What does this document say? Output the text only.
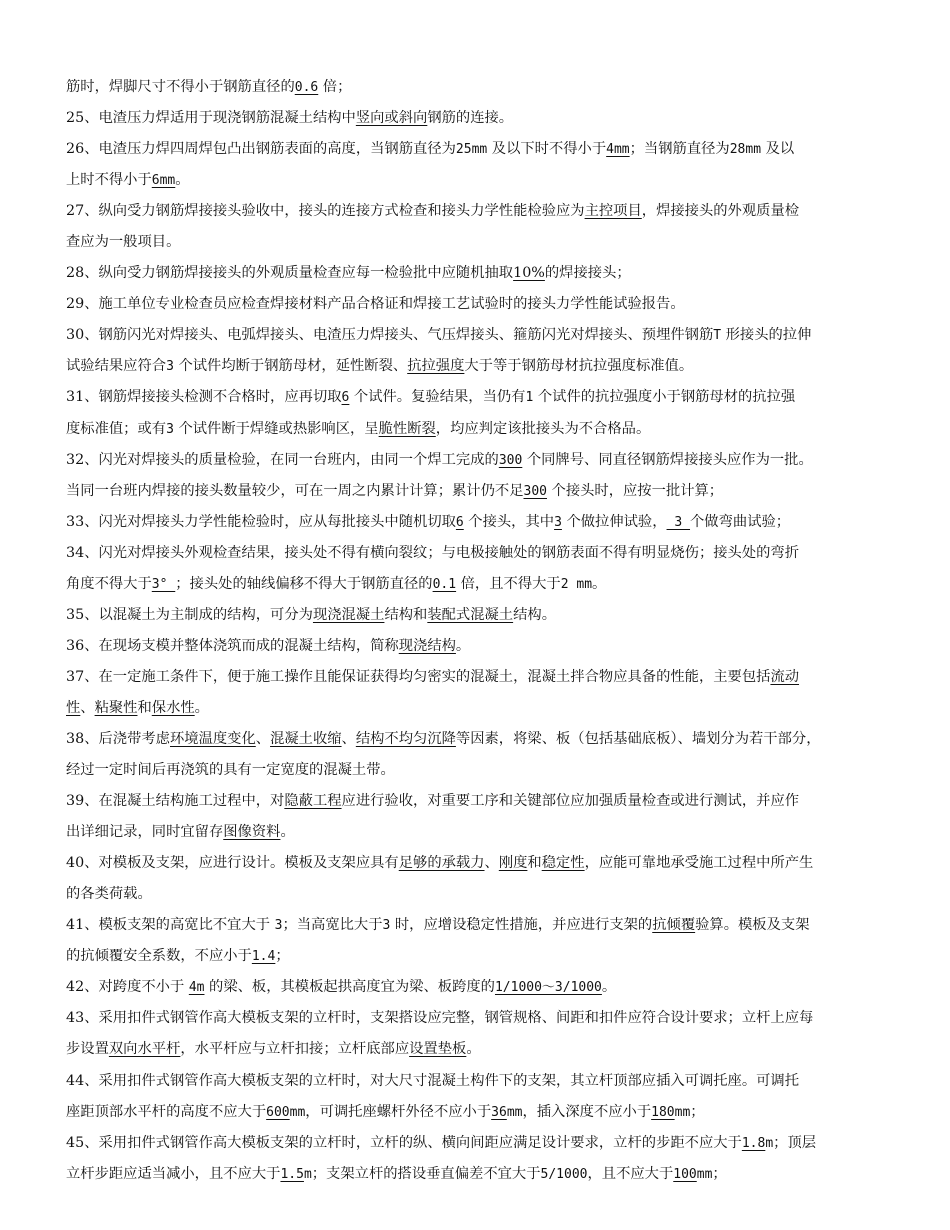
筋时，焊脚尺寸不得小于钢筋直径的0.6 倍；
25、电渣压力焊适用于现浇钢筋混凝土结构中竖向或斜向钢筋的连接。
26、电渣压力焊四周焊包凸出钢筋表面的高度，当钢筋直径为25mm 及以下时不得小于4mm；当钢筋直径为28mm 及以
上时不得小于6mm。
27、纵向受力钢筋焊接接头验收中，接头的连接方式检查和接头力学性能检验应为主控项目，焊接接头的外观质量检
查应为一般项目。
28、纵向受力钢筋焊接接头的外观质量检查应每一检验批中应随机抽取10%的焊接接头；
29、施工单位专业检查员应检查焊接材料产品合格证和焊接工艺试验时的接头力学性能试验报告。
30、钢筋闪光对焊接头、电弧焊接头、电渣压力焊接头、气压焊接头、箍筋闪光对焊接头、预埋件钢筋T 形接头的拉伸
试验结果应符合3 个试件均断于钢筋母材，延性断裂、抗拉强度大于等于钢筋母材抗拉强度标准值。
31、钢筋焊接接头检测不合格时，应再切取6 个试件。复验结果，当仍有1 个试件的抗拉强度小于钢筋母材的抗拉强
度标准值；或有3 个试件断于焊缝或热影响区，呈脆性断裂，均应判定该批接头为不合格品。
32、闪光对焊接头的质量检验，在同一台班内，由同一个焊工完成的300 个同牌号、同直径钢筋焊接接头应作为一批。
当同一台班内焊接的接头数量较少，可在一周之内累计计算；累计仍不足300 个接头时，应按一批计算；
33、闪光对焊接头力学性能检验时，应从每批接头中随机切取6 个接头，其中3 个做拉伸试验， 3 个做弯曲试验；
34、闪光对焊接头外观检查结果，接头处不得有横向裂纹；与电极接触处的钢筋表面不得有明显烧伤；接头处的弯折
角度不得大于3° ；接头处的轴线偏移不得大于钢筋直径的0.1 倍，且不得大于2 mm。
35、以混凝土为主制成的结构，可分为现浇混凝土结构和装配式混凝土结构。
36、在现场支模并整体浇筑而成的混凝土结构，简称现浇结构。
37、在一定施工条件下，便于施工操作且能保证获得均匀密实的混凝土，混凝土拌合物应具备的性能，主要包括流动
性、粘聚性和保水性。
38、后浇带考虑环境温度变化、混凝土收缩、结构不均匀沉降等因素，将梁、板（包括基础底板）、墙划分为若干部分，
经过一定时间后再浇筑的具有一定宽度的混凝土带。
39、在混凝土结构施工过程中，对隐蔽工程应进行验收，对重要工序和关键部位应加强质量检查或进行测试，并应作
出详细记录，同时宜留存图像资料。
40、对模板及支架，应进行设计。模板及支架应具有足够的承载力、刚度和稳定性，应能可靠地承受施工过程中所产生
的各类荷载。
41、模板支架的高宽比不宜大于 3；当高宽比大于3 时，应增设稳定性措施，并应进行支架的抗倾覆验算。模板及支架
的抗倾覆安全系数，不应小于1.4；
42、对跨度不小于 4m 的梁、板，其模板起拱高度宜为梁、板跨度的1/1000～3/1000。
43、采用扣件式钢管作高大模板支架的立杆时，支架搭设应完整，钢管规格、间距和扣件应符合设计要求；立杆上应每
步设置双向水平杆，水平杆应与立杆扣接；立杆底部应设置垫板。
44、采用扣件式钢管作高大模板支架的立杆时，对大尺寸混凝土构件下的支架，其立杆顶部应插入可调托座。可调托
座距顶部水平杆的高度不应大于600mm，可调托座螺杆外径不应小于36mm，插入深度不应小于180mm；
45、采用扣件式钢管作高大模板支架的立杆时，立杆的纵、横向间距应满足设计要求，立杆的步距不应大于1.8m；顶层
立杆步距应适当减小，且不应大于1.5m；支架立杆的搭设垂直偏差不宜大于5/1000，且不应大于100mm；
